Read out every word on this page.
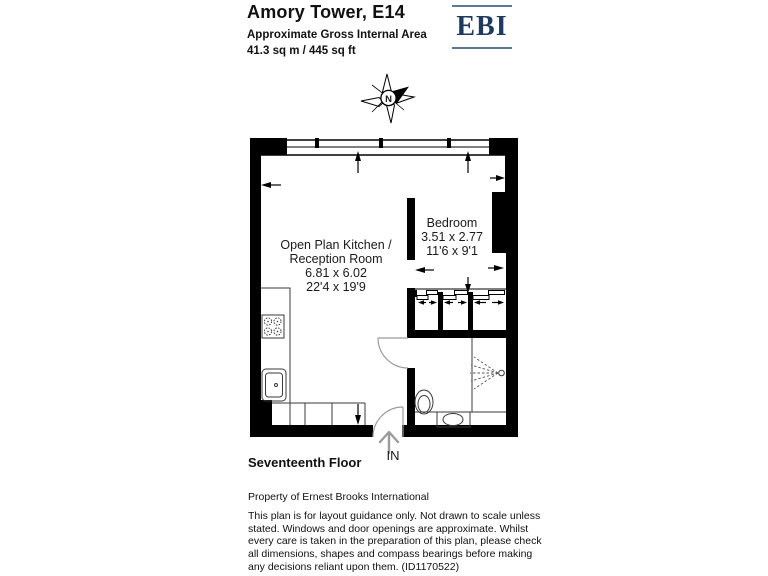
Amory Tower, E14
Approximate Gross Internal Area
41.3 sq m / 445 sq ft
EBI
N
Open Plan Kitchen /
Reception Room
6.81 x 6.02
22'4 x 19'9
Bedroom
3.51 x 2.77
11'6 x 9'1
IN
Seventeenth Floor
Property of Ernest Brooks International
This plan is for layout guidance only. Not drawn to scale unless
stated. Windows and door openings are approximate. Whilst
every care is taken in the preparation of this plan, please check
all dimensions, shapes and compass bearings before making
any decisions reliant upon them. (ID1170522)
